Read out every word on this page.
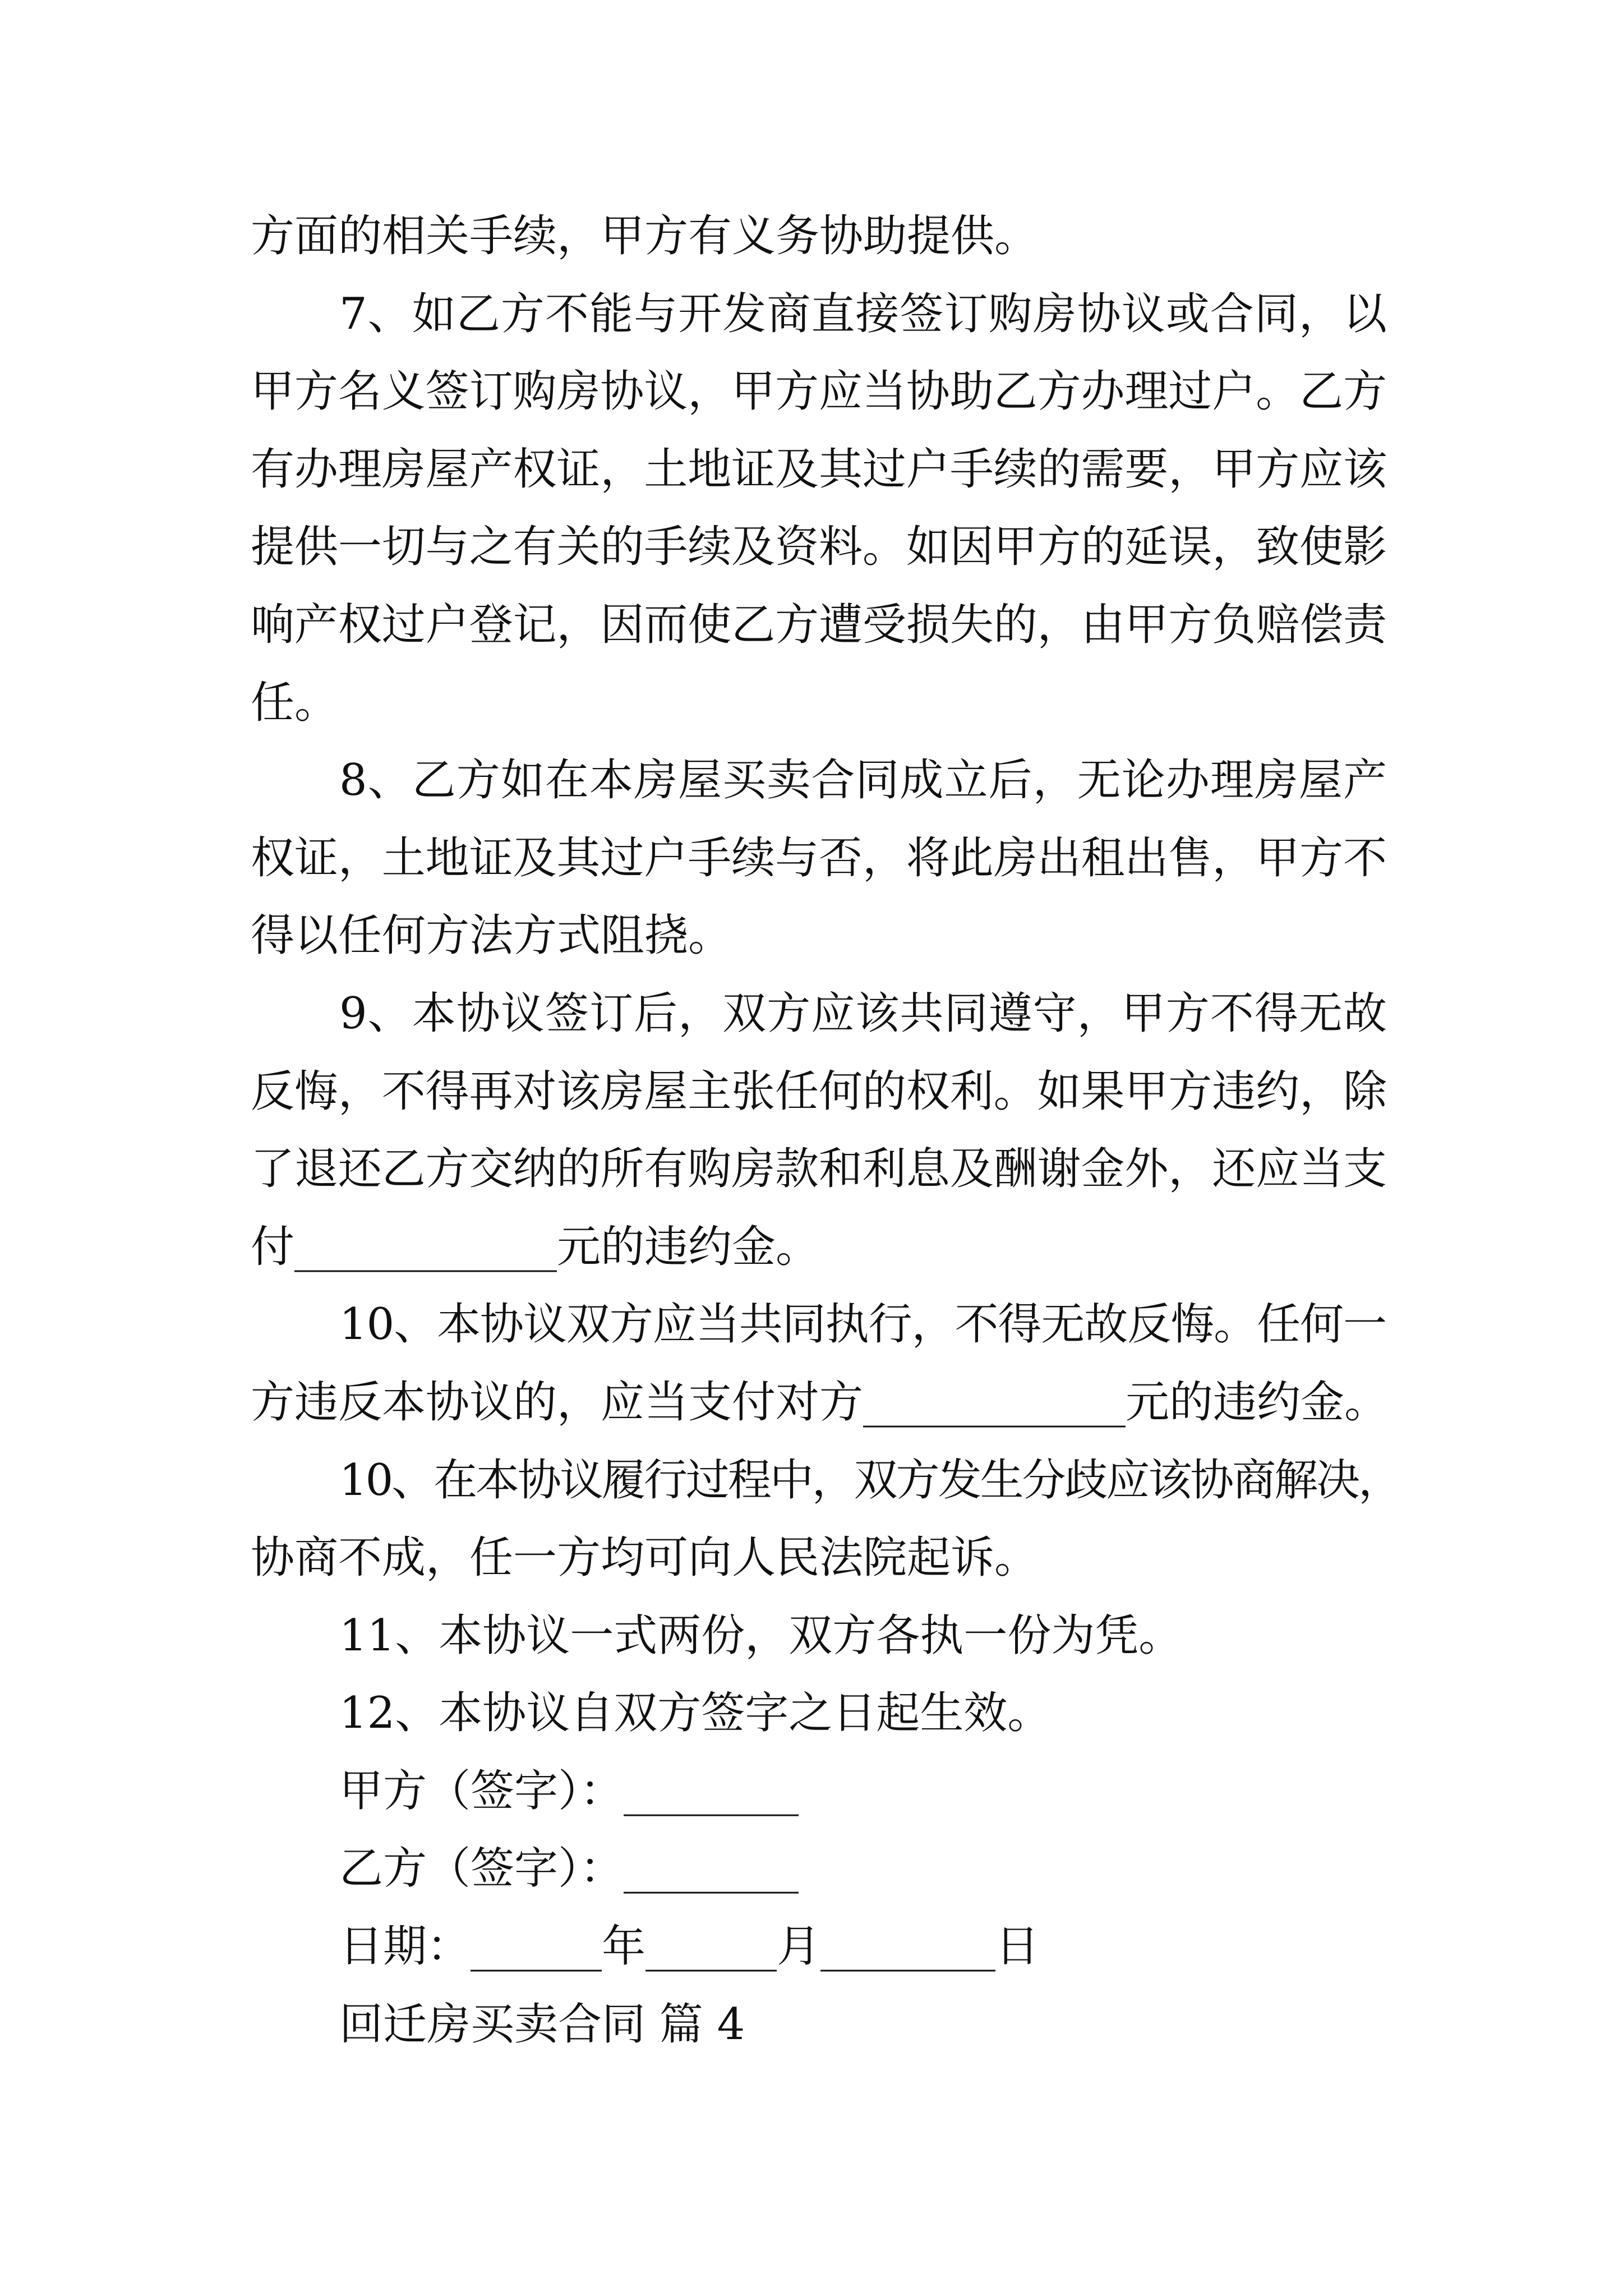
方面的相关手续，甲方有义务协助提供。
7、如乙方不能与开发商直接签订购房协议或合同，以
甲方名义签订购房协议，甲方应当协助乙方办理过户。乙方
有办理房屋产权证，土地证及其过户手续的需要，甲方应该
提供一切与之有关的手续及资料。如因甲方的延误，致使影
响产权过户登记，因而使乙方遭受损失的，由甲方负赔偿责
任。
8、乙方如在本房屋买卖合同成立后，无论办理房屋产
权证，土地证及其过户手续与否，将此房出租出售，甲方不
得以任何方法方式阻挠。
9、本协议签订后，双方应该共同遵守，甲方不得无故
反悔，不得再对该房屋主张任何的权利。如果甲方违约，除
了退还乙方交纳的所有购房款和利息及酬谢金外，还应当支
付____________元的违约金。
10、本协议双方应当共同执行，不得无故反悔。任何一
方违反本协议的，应当支付对方____________元的违约金。
10、在本协议履行过程中，双方发生分歧应该协商解决，
协商不成，任一方均可向人民法院起诉。
11、本协议一式两份，双方各执一份为凭。
12、本协议自双方签字之日起生效。
甲方（签字）：________
乙方（签字）：________
日期：______年______月________日
回迁房买卖合同 篇 4
